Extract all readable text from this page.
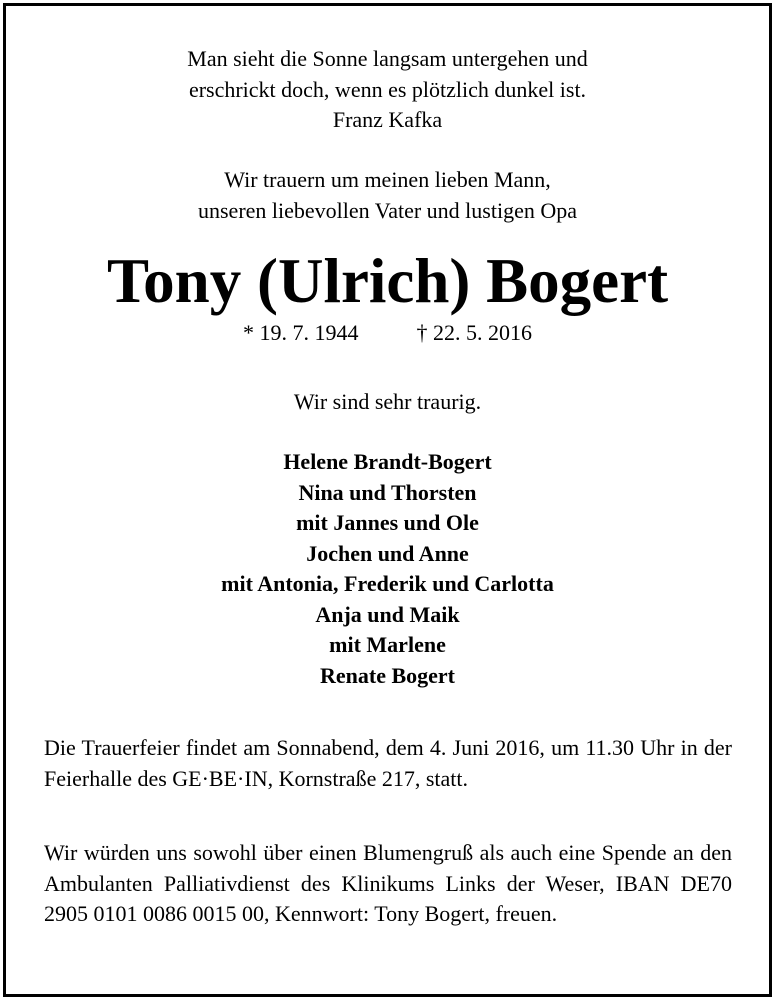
Man sieht die Sonne langsam untergehen und
erschrickt doch, wenn es plötzlich dunkel ist.
Franz Kafka
Wir trauern um meinen lieben Mann,
unseren liebevollen Vater und lustigen Opa
Tony (Ulrich) Bogert
* 19. 7. 1944	† 22. 5. 2016
Wir sind sehr traurig.
Helene Brandt-Bogert
Nina und Thorsten
mit Jannes und Ole
Jochen und Anne
mit Antonia, Frederik und Carlotta
Anja und Maik
mit Marlene
Renate Bogert
Die Trauerfeier findet am Sonnabend, dem 4. Juni 2016, um 11.30 Uhr in der Feierhalle des GE·BE·IN, Kornstraße 217, statt.
Wir würden uns sowohl über einen Blumengruß als auch eine Spende an den Ambulanten Palliativdienst des Klinikums Links der Weser, IBAN DE70 2905 0101 0086 0015 00, Kennwort: Tony Bogert, freuen.
